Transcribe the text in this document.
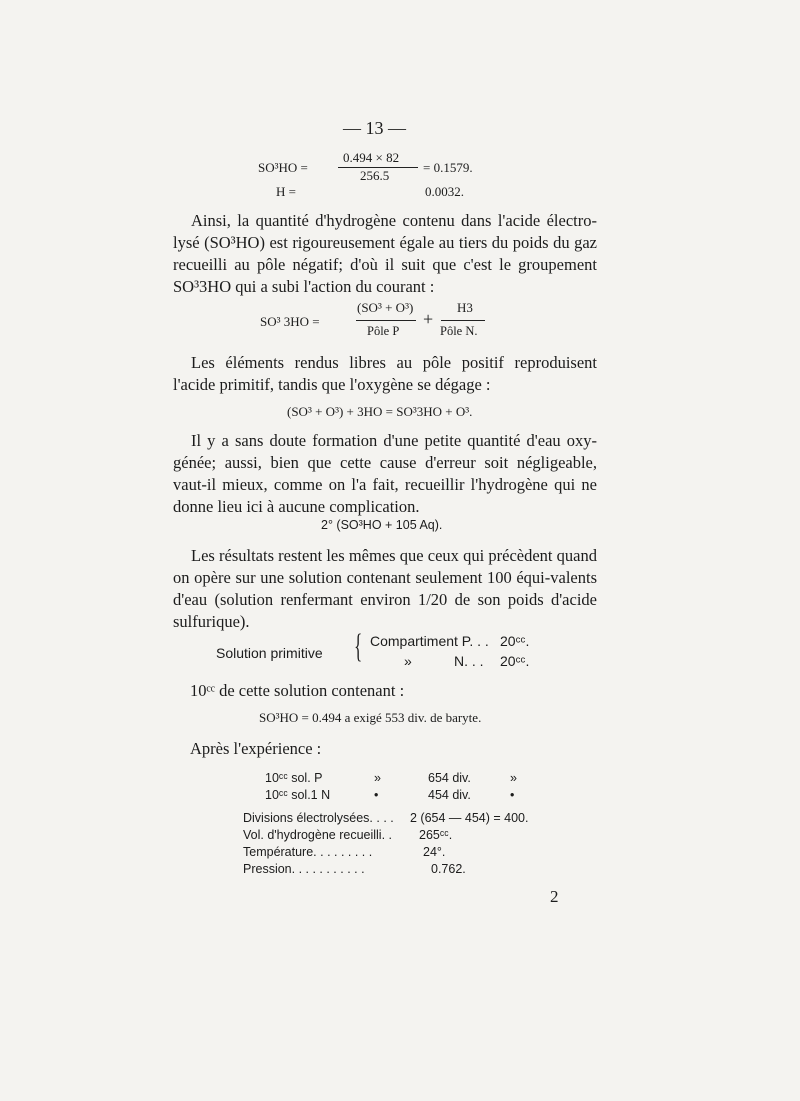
— 13 —
SO³HO =
0.494 × 82
256.5
= 0.1579.
H =	0.0032.
Ainsi, la quantité d'hydrogène contenu dans l'acide électro-lysé (SO³HO) est rigoureusement égale au tiers du poids du gaz recueilli au pôle négatif; d'où il suit que c'est le groupement SO³3HO qui a subi l'action du courant :
SO³ 3HO =
(SO³ + O³)
Pôle P
+
H3
Pôle N.
Les éléments rendus libres au pôle positif reproduisent l'acide primitif, tandis que l'oxygène se dégage :
(SO³ + O³) + 3HO = SO³3HO + O³.
Il y a sans doute formation d'une petite quantité d'eau oxy-génée; aussi, bien que cette cause d'erreur soit négligeable, vaut-il mieux, comme on l'a fait, recueillir l'hydrogène qui ne donne lieu ici à aucune complication.
2° (SO³HO + 105 Aq).
Les résultats restent les mêmes que ceux qui précèdent quand on opère sur une solution contenant seulement 100 équi-valents d'eau (solution renfermant environ 1/20 de son poids d'acide sulfurique).
Solution primitive { Compartiment P. . . 20ᶜᶜ.
»	N. . . 20ᶜᶜ.
10ᶜᶜ de cette solution contenant :
SO³HO = 0.494 a exigé 553 div. de baryte.
Après l'expérience :
10ᶜᶜ sol. P	»	654 div.	»
10ᶜᶜ sol.1 N	•	454 div.	•
Divisions électrolysées. . . . 2 (654 — 454) = 400.
Vol. d'hydrogène recueilli. . 265ᶜᶜ.
Température. . . . . . . . .	24°.
Pression. . . . . . . . . . .	0.762.
2
